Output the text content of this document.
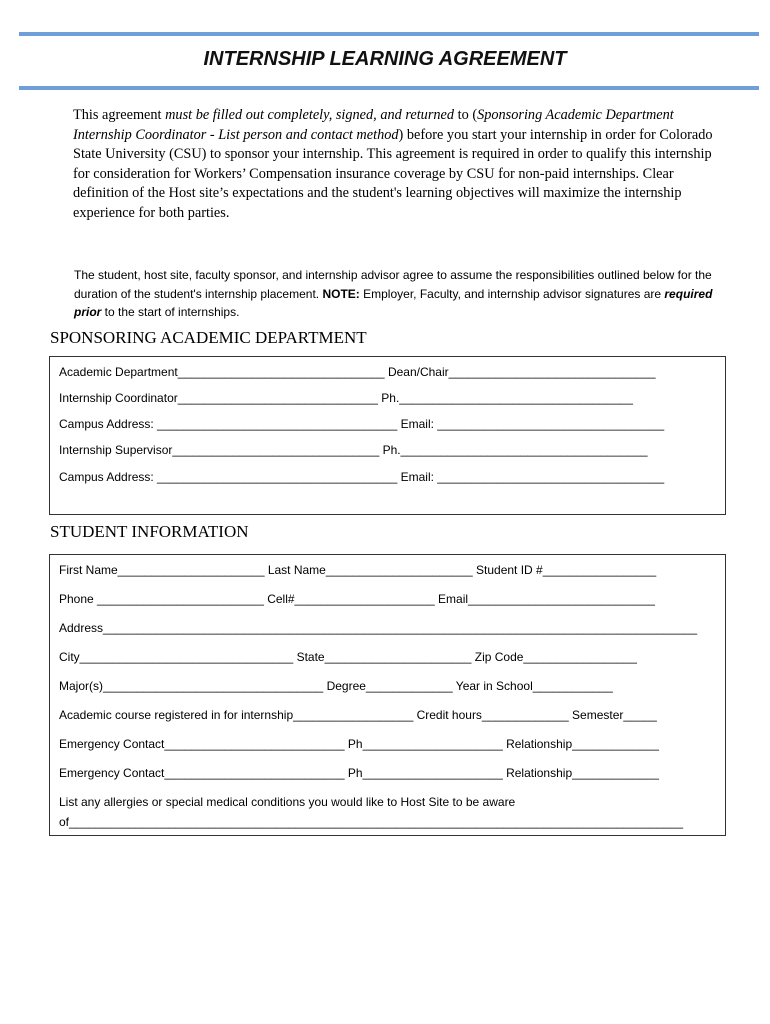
INTERNSHIP LEARNING AGREEMENT
This agreement must be filled out completely, signed, and returned to (Sponsoring Academic Department Internship Coordinator - List person and contact method) before you start your internship in order for Colorado State University (CSU) to sponsor your internship. This agreement is required in order to qualify this internship for consideration for Workers’ Compensation insurance coverage by CSU for non-paid internships. Clear definition of the Host site’s expectations and the student's learning objectives will maximize the internship experience for both parties.
The student, host site, faculty sponsor, and internship advisor agree to assume the responsibilities outlined below for the duration of the student's internship placement. NOTE: Employer, Faculty, and internship advisor signatures are required prior to the start of internships.
SPONSORING ACADEMIC DEPARTMENT
Academic Department_______________________________ Dean/Chair_______________________________
Internship Coordinator______________________________ Ph.___________________________________
Campus Address: ____________________________________ Email: __________________________________
Internship Supervisor_______________________________ Ph._____________________________________
Campus Address: ____________________________________ Email: __________________________________
STUDENT INFORMATION
First Name______________________ Last Name______________________ Student ID #_________________
Phone _________________________ Cell#_____________________ Email____________________________
Address_________________________________________________________________________________________
City________________________________ State______________________ Zip Code_________________
Major(s)_________________________________ Degree_____________ Year in School____________
Academic course registered in for internship__________________ Credit hours_____________ Semester_____
Emergency Contact___________________________ Ph_____________________ Relationship_____________
Emergency Contact___________________________ Ph_____________________ Relationship_____________
List any allergies or special medical conditions you would like to Host Site to be aware
of____________________________________________________________________________________________
